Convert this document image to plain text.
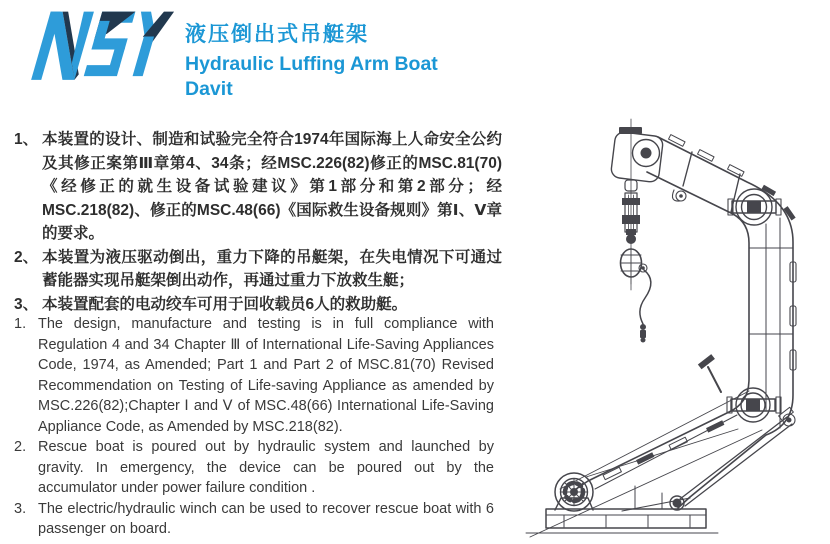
液压倒出式吊艇架
Hydraulic Luffing Arm Boat
Davit
1、 本装置的设计、制造和试验完全符合1974年国际海上人命安全公约及其修正案第Ⅲ章第4、34条；经MSC.226(82)修正的MSC.81(70)《经修正的就生设备试验建议》第1部分和第2部分；经MSC.218(82)、修正的MSC.48(66)《国际救生设备规则》第Ⅰ、Ⅴ章的要求。
2、 本装置为液压驱动倒出，重力下降的吊艇架，在失电情况下可通过蓄能器实现吊艇架倒出动作，再通过重力下放救生艇；
3、 本装置配套的电动绞车可用于回收载员6人的救助艇。
1. The design, manufacture and testing is in full compliance with Regulation 4 and 34 Chapter Ⅲ of International Life-Saving Appliances Code, 1974, as Amended; Part 1 and Part 2 of MSC.81(70) Revised Recommendation on Testing of Life-saving Appliance as amended by MSC.226(82);Chapter Ⅰ and Ⅴ of MSC.48(66) International Life-Saving Appliance Code, as Amended by MSC.218(82).
2. Rescue boat is poured out by hydraulic system and launched by gravity. In emergency, the device can be poured out by the accumulator under power failure condition .
3. The electric/hydraulic winch can be used to recover rescue boat with 6 passenger on board.
